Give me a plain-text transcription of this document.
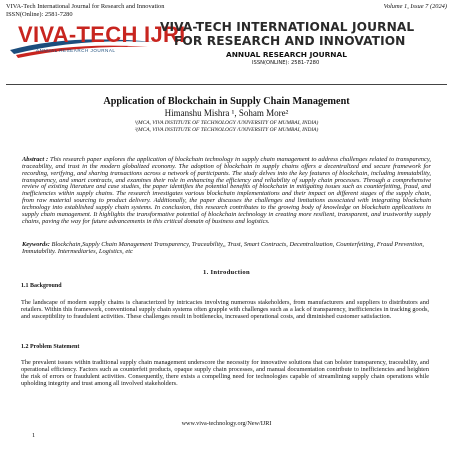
VIVA-Tech International Journal for Research and Innovation
ISSN(Online): 2581-7280
Volume 1, Issue 7 (2024)
VIVA-TECH IJRI
ANNUAL RESEARCH JOURNAL
VIVA-TECH INTERNATIONAL JOURNAL
FOR RESEARCH AND INNOVATION
ANNUAL RESEARCH JOURNAL
ISSN(ONLINE): 2581-7280
Application of Blockchain in Supply Chain Management
Himanshu Mishra ¹, Soham More²
¹(MCA, VIVA INSTITUTE OF TECHNOLOGY /UNIVERSITY OF MUMBAI, INDIA)
²(MCA, VIVA INSTITUTE OF TECHNOLOGY /UNIVERSITY OF MUMBAI, INDIA)
Abstract : This research paper explores the application of blockchain technology in supply chain management to address challenges related to transparency, traceability, and trust in the modern globalized economy. The adoption of blockchain in supply chains offers a decentralized and secure framework for recording, verifying, and sharing transactions across a network of participants. The study delves into the key features of blockchain, including immutability, transparency, and smart contracts, and examines their role in enhancing the efficiency and reliability of supply chain processes. Through a comprehensive review of existing literature and case studies, the paper identifies the potential benefits of blockchain in mitigating issues such as counterfeiting, fraud, and inefficiencies within supply chains. The research investigates various blockchain implementations and their impact on different stages of the supply chain, from raw material sourcing to product delivery. Additionally, the paper discusses the challenges and limitations associated with integrating blockchain technology into established supply chain systems. In conclusion, this research contributes to the growing body of knowledge on blockchain applications in supply chain management. It highlights the transformative potential of blockchain technology in creating more resilient, transparent, and trustworthy supply chains, paving the way for future advancements in this critical domain of business and logistics.
Keywords: Blockchain,Supply Chain Management Transparency, Traceability,, Trust, Smart Contracts, Decentralization, Counterfeiting, Fraud Prevention, Immutability. Intermediaries, Logistics, etc
1. Introduction
1.1 Background
The landscape of modern supply chains is characterized by intricacies involving numerous stakeholders, from manufacturers and suppliers to distributors and retailers. Within this framework, conventional supply chain systems often grapple with challenges such as a lack of transparency, inefficiencies in tracking goods, and susceptibility to fraudulent activities. These challenges result in bottlenecks, increased operational costs, and diminished customer satisfaction.
1.2 Problem Statement
The prevalent issues within traditional supply chain management underscore the necessity for innovative solutions that can bolster transparency, traceability, and operational efficiency. Factors such as counterfeit products, opaque supply chain processes, and manual documentation contribute to inefficiencies and heighten the risk of errors or fraudulent activities. Consequently, there exists a compelling need for technologies capable of streamlining supply chain operations while upholding integrity and trust among all involved stakeholders.
www.viva-technology.org/New/IJRI
1
